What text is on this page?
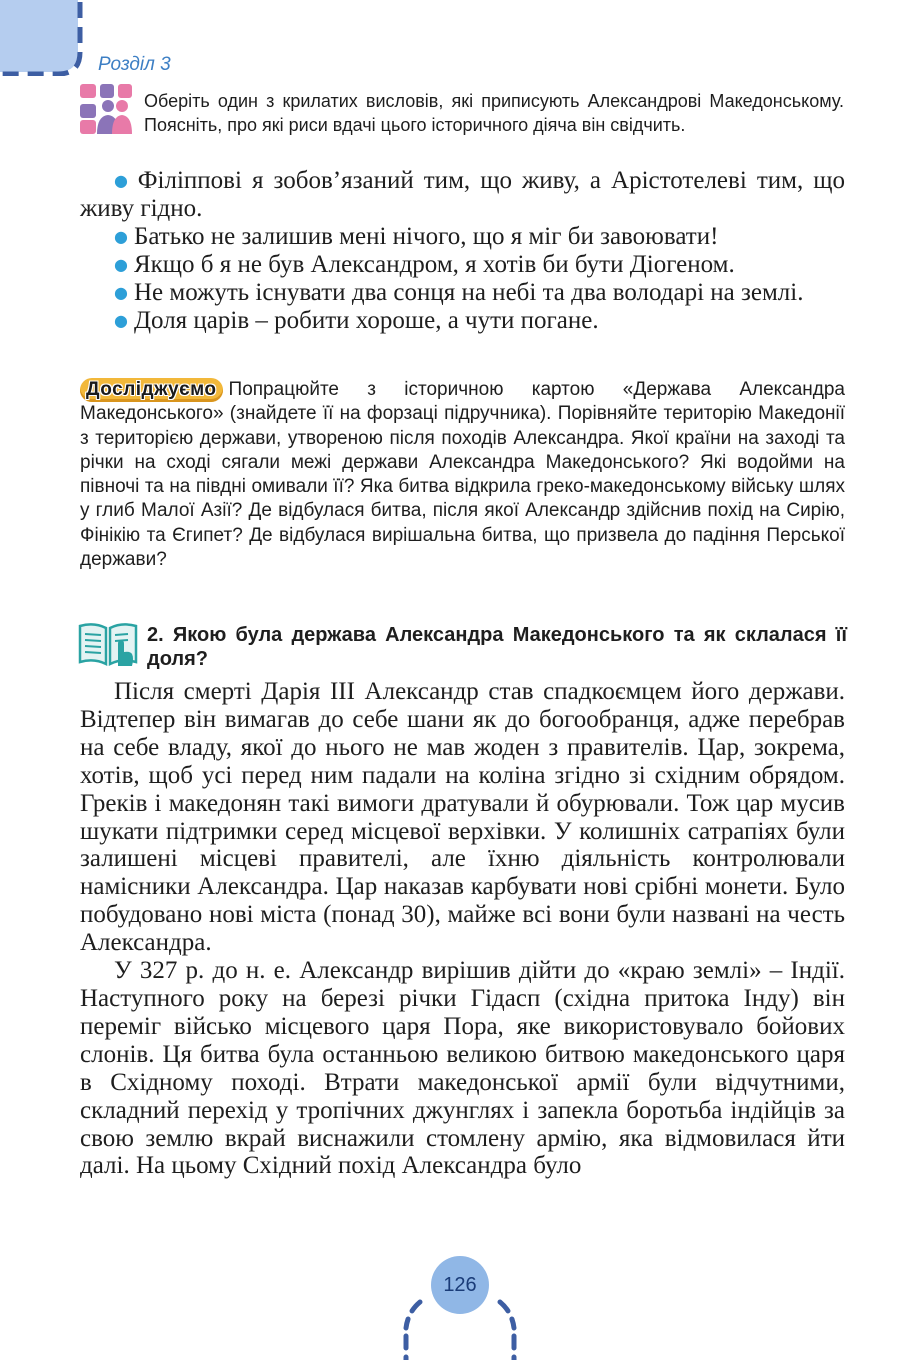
Розділ 3
Оберіть один з крилатих висловів, які приписують Александрові Македонському. Поясніть, про які риси вдачі цього історичного діяча він свідчить.

● Філіппові я зобов’язаний тим, що живу, а Арістотелеві тим, що живу гідно.

● Батько не залишив мені нічого, що я міг би завоювати!

● Якщо б я не був Александром, я хотів би бути Діогеном.

● Не можуть існувати два сонця на небі та два володарі на землі.

● Доля царів – робити хороше, а чути погане.

Досліджуємо Попрацюйте з історичною картою «Держава Александра Македонського» (знайдете її на форзаці підручника). Порівняйте територію Македонії з територією держави, утвореною після походів Александра. Якої країни на заході та річки на сході сягали межі держави Александра Македонського? Які водойми на півночі та на півдні омивали її? Яка битва відкрила греко-македонському війську шлях у глиб Малої Азії? Де відбулася битва, після якої Александр здійснив похід на Сирію, Фінікію та Єгипет? Де відбулася вирішальна битва, що призвела до падіння Перської держави?
2. Якою була держава Александра Македонського та як склалася її доля?

Після смерті Дарія III Александр став спадкоємцем його держави. Відтепер він вимагав до себе шани як до богообранця, адже перебрав на себе владу, якої до нього не мав жоден з правителів. Цар, зокрема, хотів, щоб усі перед ним падали на коліна згідно зі східним обрядом. Греків і македонян такі вимоги дратували й обурювали. Тож цар мусив шукати підтримки серед місцевої верхівки. У колишніх сатрапіях були залишені місцеві правителі, але їхню діяльність контролювали намісники Александра. Цар наказав карбувати нові срібні монети. Було побудовано нові міста (понад 30), майже всі вони були названі на честь Александра.

У 327 р. до н. е. Александр вирішив дійти до «краю землі» – Індії. Наступного року на березі річки Гідасп (східна притока Інду) він переміг військо місцевого царя Пора, яке використовувало бойових слонів. Ця битва була останньою великою битвою македонського царя в Східному поході. Втрати македонської армії були відчутними, складний перехід у тропічних джунглях і запекла боротьба індійців за свою землю вкрай виснажили стомлену армію, яка відмовилася йти далі. На цьому Східний похід Александра було

126
